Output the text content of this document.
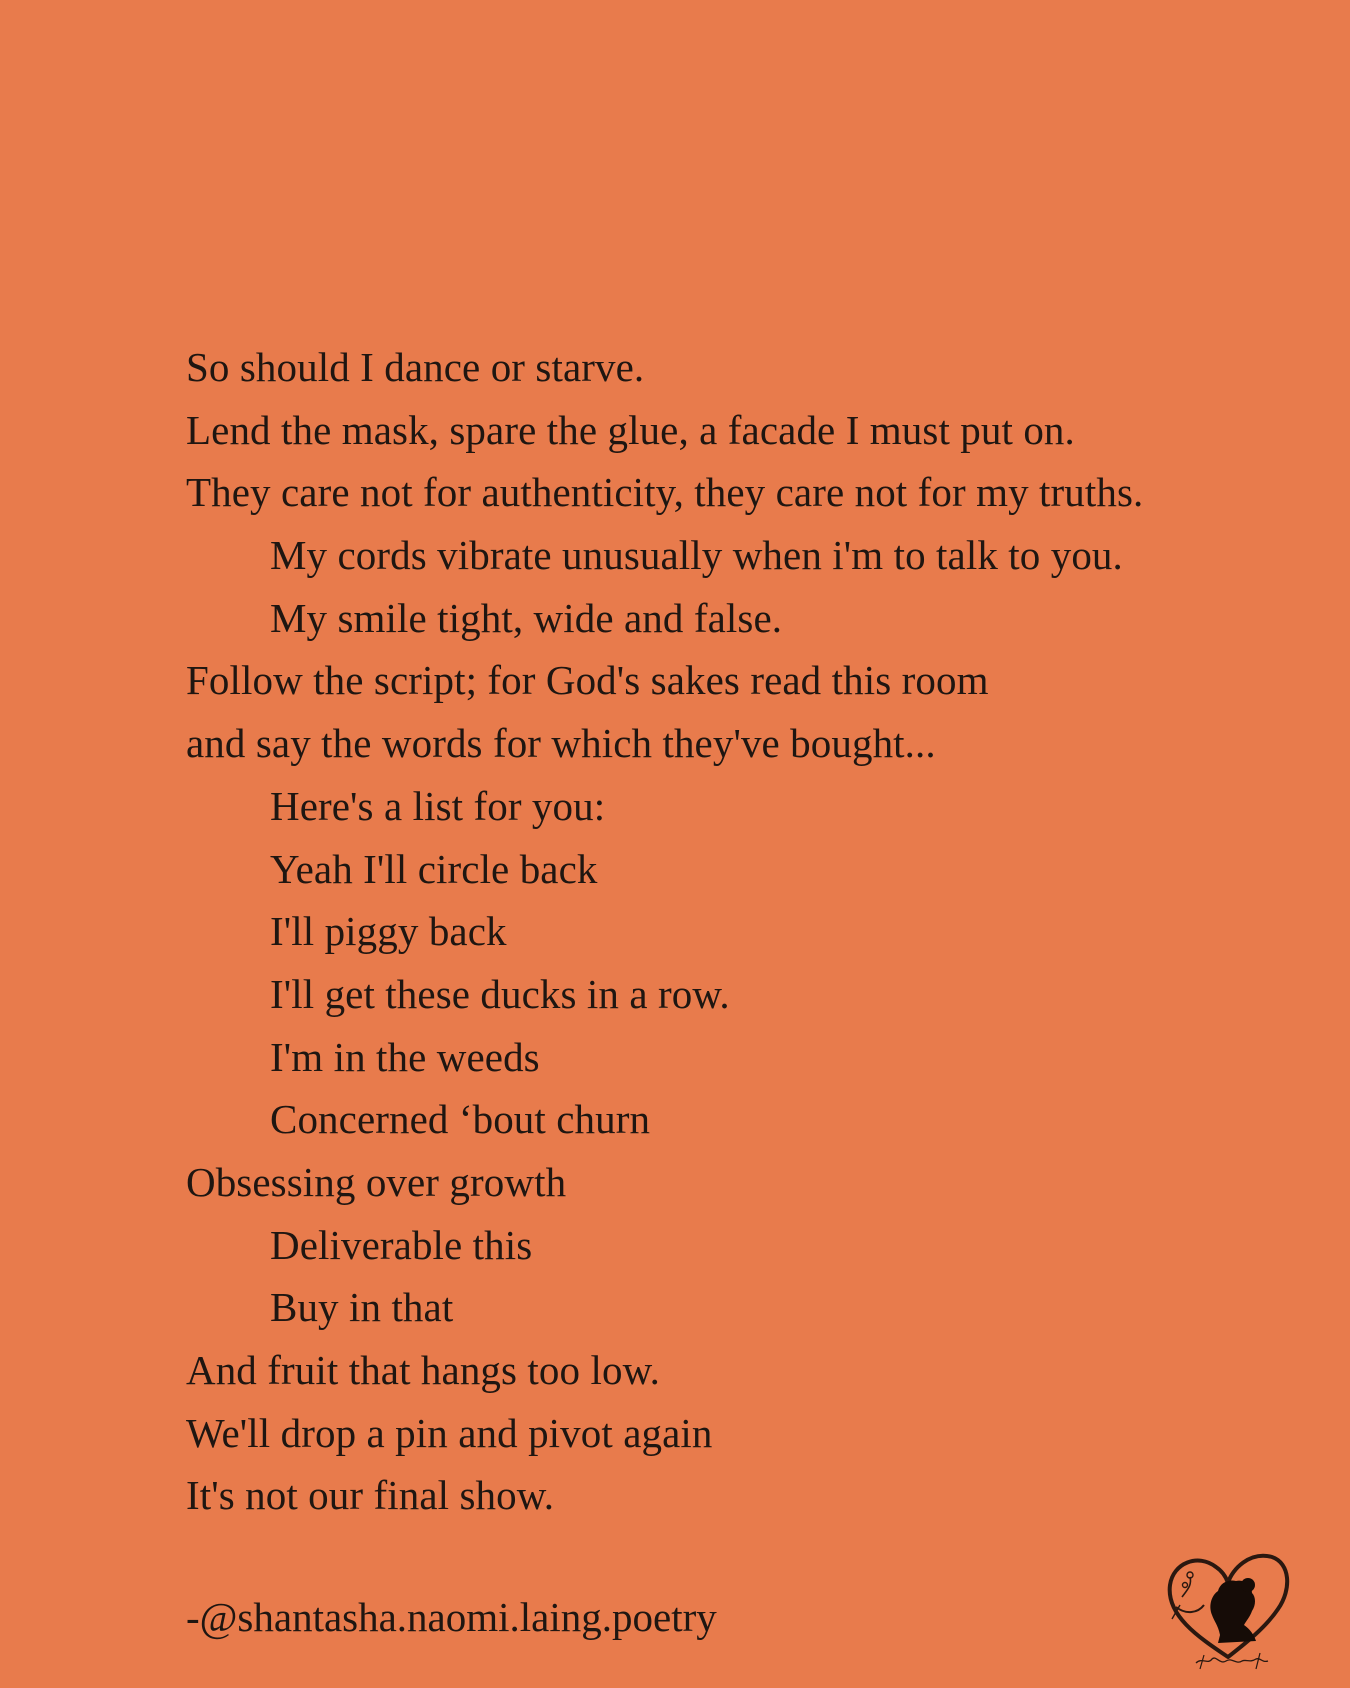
So should I dance or starve.
Lend the mask, spare the glue, a facade I must put on.
They care not for authenticity, they care not for my truths.
My cords vibrate unusually when i'm to talk to you.
My smile tight, wide and false.
Follow the script; for God's sakes read this room
and say the words for which they've bought...
Here's a list for you:
Yeah I'll circle back
I'll piggy back
I'll get these ducks in a row.
I'm in the weeds
Concerned ‘bout churn
Obsessing over growth
Deliverable this
Buy in that
And fruit that hangs too low.
We'll drop a pin and pivot again
It's not our final show.

-@shantasha.naomi.laing.poetry
